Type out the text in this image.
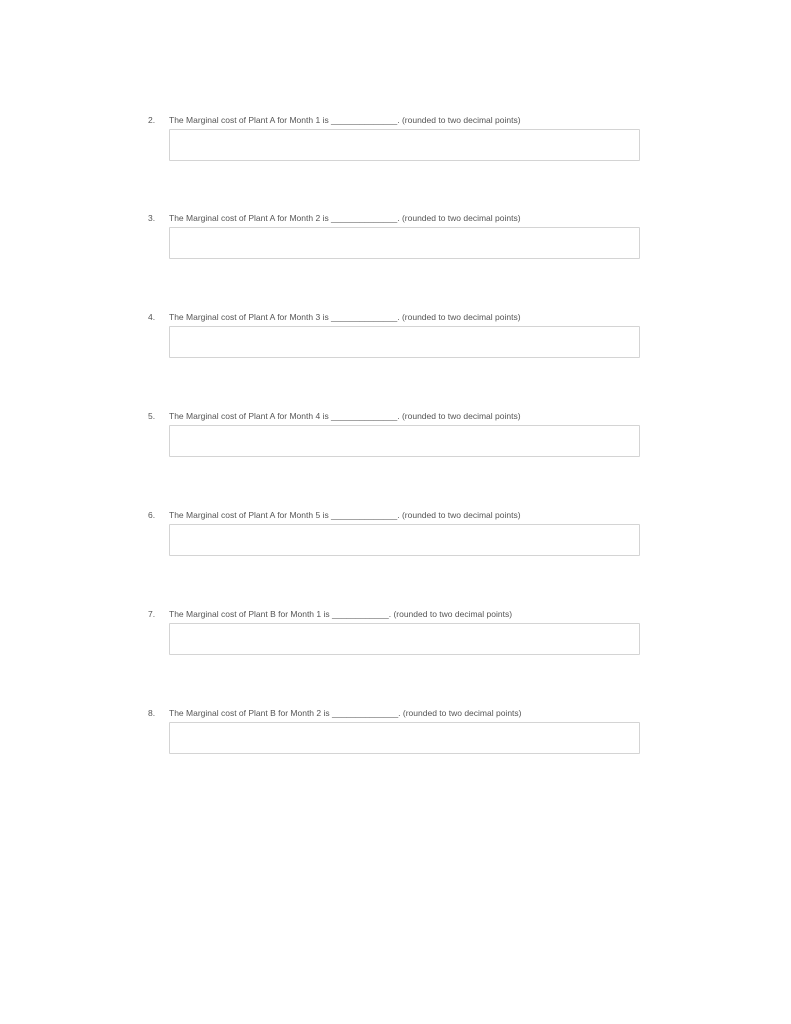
2. The Marginal cost of Plant A for Month 1 is ______________. (rounded to two decimal points)
3. The Marginal cost of Plant A for Month 2 is ______________. (rounded to two decimal points)
4. The Marginal cost of Plant A for Month 3 is ______________. (rounded to two decimal points)
5. The Marginal cost of Plant A for Month 4 is ______________. (rounded to two decimal points)
6. The Marginal cost of Plant A for Month 5 is ______________. (rounded to two decimal points)
7. The Marginal cost of Plant B for Month 1 is ____________. (rounded to two decimal points)
8. The Marginal cost of Plant B for Month 2 is ______________. (rounded to two decimal points)
